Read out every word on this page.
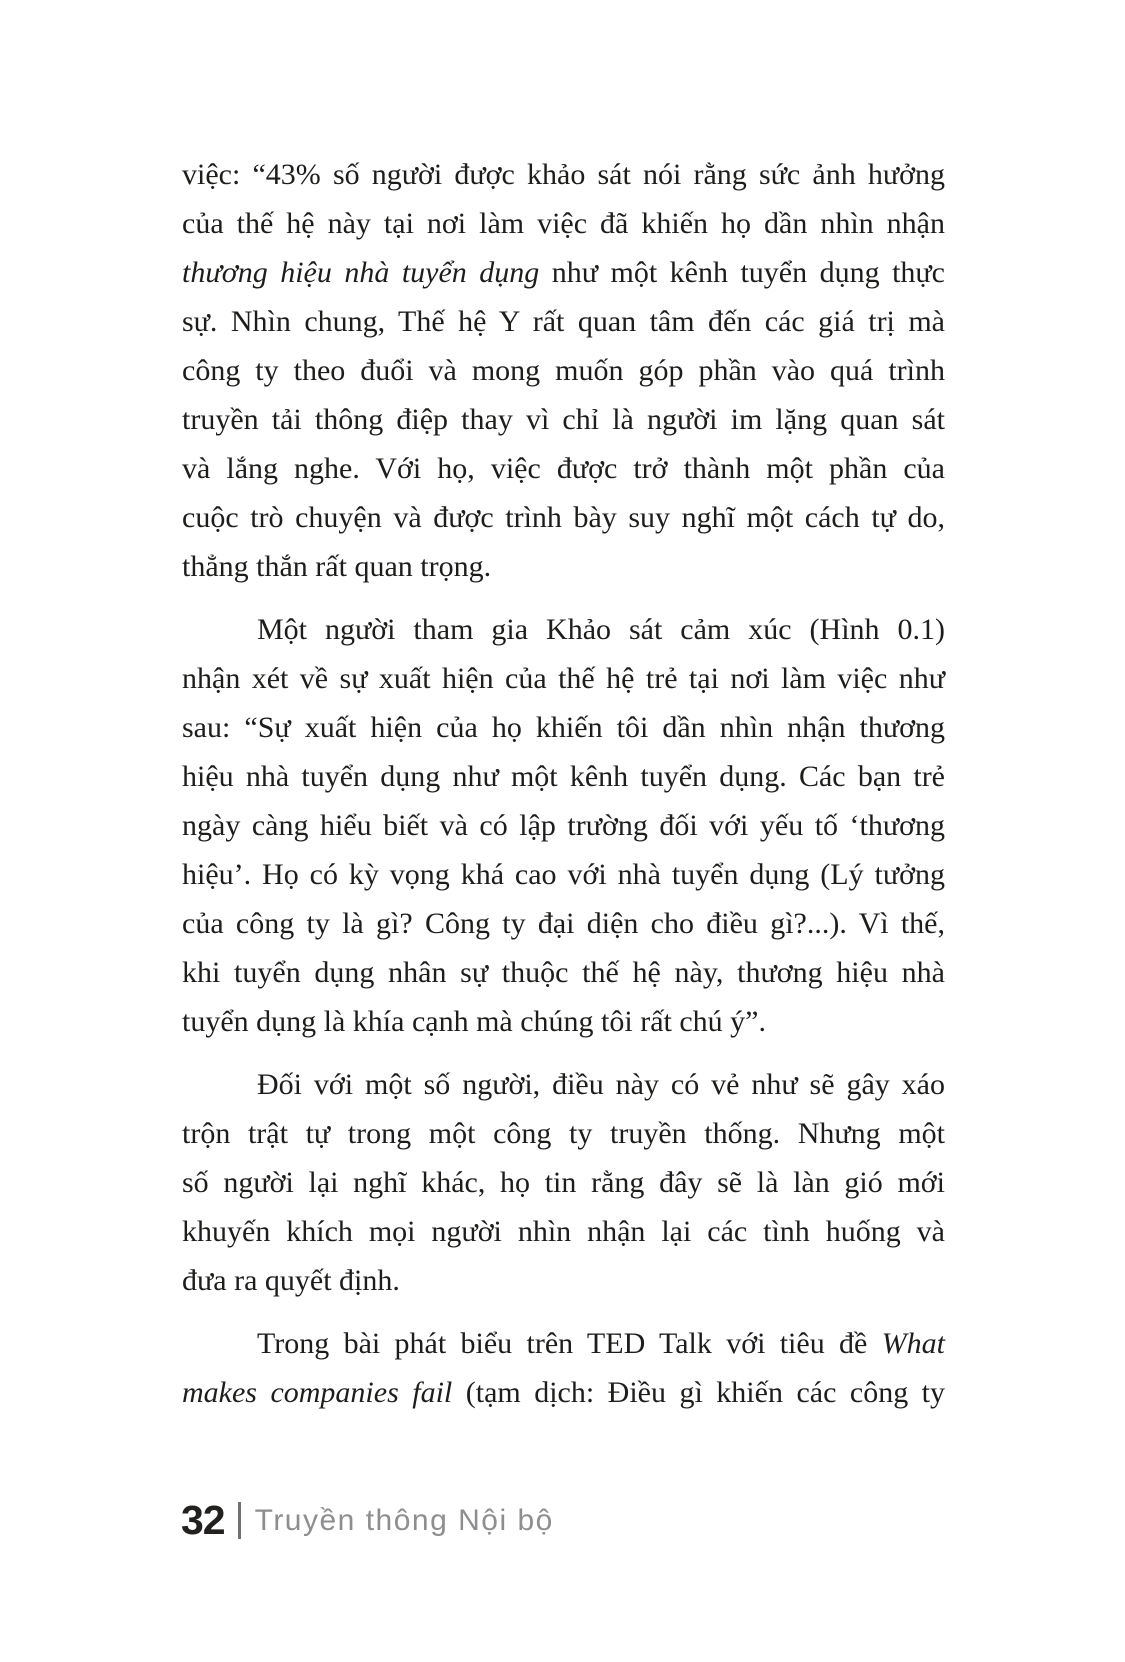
việc: “43% số người được khảo sát nói rằng sức ảnh hưởng
của thế hệ này tại nơi làm việc đã khiến họ dần nhìn nhận
thương hiệu nhà tuyển dụng như một kênh tuyển dụng thực
sự. Nhìn chung, Thế hệ Y rất quan tâm đến các giá trị mà
công ty theo đuổi và mong muốn góp phần vào quá trình
truyền tải thông điệp thay vì chỉ là người im lặng quan sát
và lắng nghe. Với họ, việc được trở thành một phần của
cuộc trò chuyện và được trình bày suy nghĩ một cách tự do,
thẳng thắn rất quan trọng.
Một người tham gia Khảo sát cảm xúc (Hình 0.1)
nhận xét về sự xuất hiện của thế hệ trẻ tại nơi làm việc như
sau: “Sự xuất hiện của họ khiến tôi dần nhìn nhận thương
hiệu nhà tuyển dụng như một kênh tuyển dụng. Các bạn trẻ
ngày càng hiểu biết và có lập trường đối với yếu tố ‘thương
hiệu’. Họ có kỳ vọng khá cao với nhà tuyển dụng (Lý tưởng
của công ty là gì? Công ty đại diện cho điều gì?...). Vì thế,
khi tuyển dụng nhân sự thuộc thế hệ này, thương hiệu nhà
tuyển dụng là khía cạnh mà chúng tôi rất chú ý”.
Đối với một số người, điều này có vẻ như sẽ gây xáo
trộn trật tự trong một công ty truyền thống. Nhưng một
số người lại nghĩ khác, họ tin rằng đây sẽ là làn gió mới
khuyến khích mọi người nhìn nhận lại các tình huống và
đưa ra quyết định.
Trong bài phát biểu trên TED Talk với tiêu đề What
makes companies fail (tạm dịch: Điều gì khiến các công ty
32 Truyền thông Nội bộ
